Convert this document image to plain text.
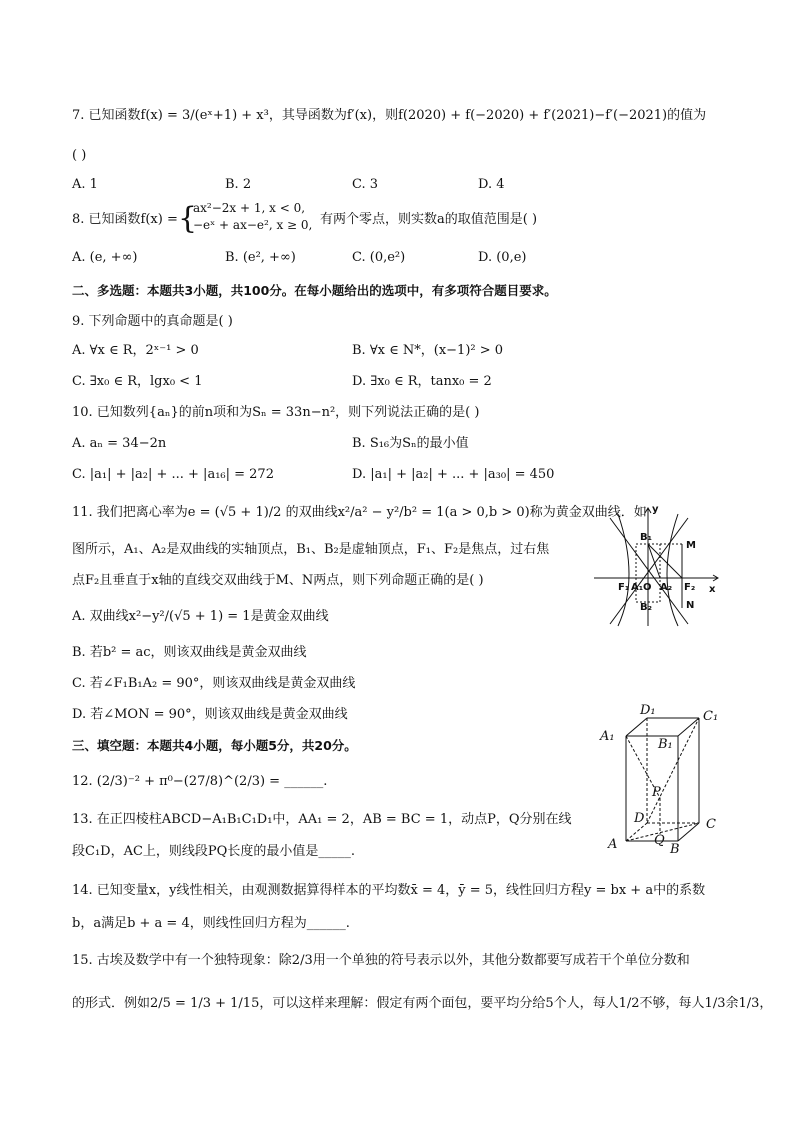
7. 已知函数f(x) = 3/(eˣ+1) + x³，其导函数为f′(x)，则f(2020) + f(−2020) + f′(2021)−f′(−2021)的值为
( )
A. 1	B. 2	C. 3	D. 4
8. 已知函数f(x) = {
ax²−2x + 1, x < 0,
−eˣ + ax−e², x ≥ 0, 有两个零点，则实数a的取值范围是( )
A. (e, +∞)	B. (e², +∞)	C. (0,e²)	D. (0,e)
二、多选题：本题共3小题，共100分。在每小题给出的选项中，有多项符合题目要求。
9. 下列命题中的真命题是( )
A. ∀x ∈ R，2ˣ⁻¹ > 0	B. ∀x ∈ N*，(x−1)² > 0
C. ∃x₀ ∈ R，lgx₀ < 1	D. ∃x₀ ∈ R，tanx₀ = 2
10. 已知数列{aₙ}的前n项和为Sₙ = 33n−n²，则下列说法正确的是( )
A. aₙ = 34−2n	B. S₁₆为Sₙ的最小值
C. |a₁| + |a₂| + ... + |a₁₆| = 272	D. |a₁| + |a₂| + ... + |a₃₀| = 450
11. 我们把离心率为e = (√5 + 1)/2 的双曲线x²/a² − y²/b² = 1(a > 0,b > 0)称为黄金双曲线．如
图所示，A₁、A₂是双曲线的实轴顶点，B₁、B₂是虚轴顶点，F₁、F₂是焦点，过右焦
点F₂且垂直于x轴的直线交双曲线于M、N两点，则下列命题正确的是( )
A. 双曲线x²−y²/(√5 + 1) = 1是黄金双曲线
B. 若b² = ac，则该双曲线是黄金双曲线
C. 若∠F₁B₁A₂ = 90°，则该双曲线是黄金双曲线
D. 若∠MON = 90°，则该双曲线是黄金双曲线
y
x
B₁
B₂
M
N
F₁ A₁ O A₂ F₂
三、填空题：本题共4小题，每小题5分，共20分。
12. (2/3)⁻² + π⁰−(27/8)^(2/3) = ______.
13. 在正四棱柱ABCD−A₁B₁C₁D₁中，AA₁ = 2，AB = BC = 1，动点P，Q分别在线
段C₁D，AC上，则线段PQ长度的最小值是_____.
D₁	C₁
A₁
B₁
P
D	C
A	Q
B
14. 已知变量x，y线性相关，由观测数据算得样本的平均数x̄ = 4，ȳ = 5，线性回归方程y = bx + a中的系数
b，a满足b + a = 4，则线性回归方程为______.
15. 古埃及数学中有一个独特现象：除2/3用一个单独的符号表示以外，其他分数都要写成若干个单位分数和
的形式．例如2/5 = 1/3 + 1/15，可以这样来理解：假定有两个面包，要平均分给5个人，每人1/2不够，每人1/3余1/3，
